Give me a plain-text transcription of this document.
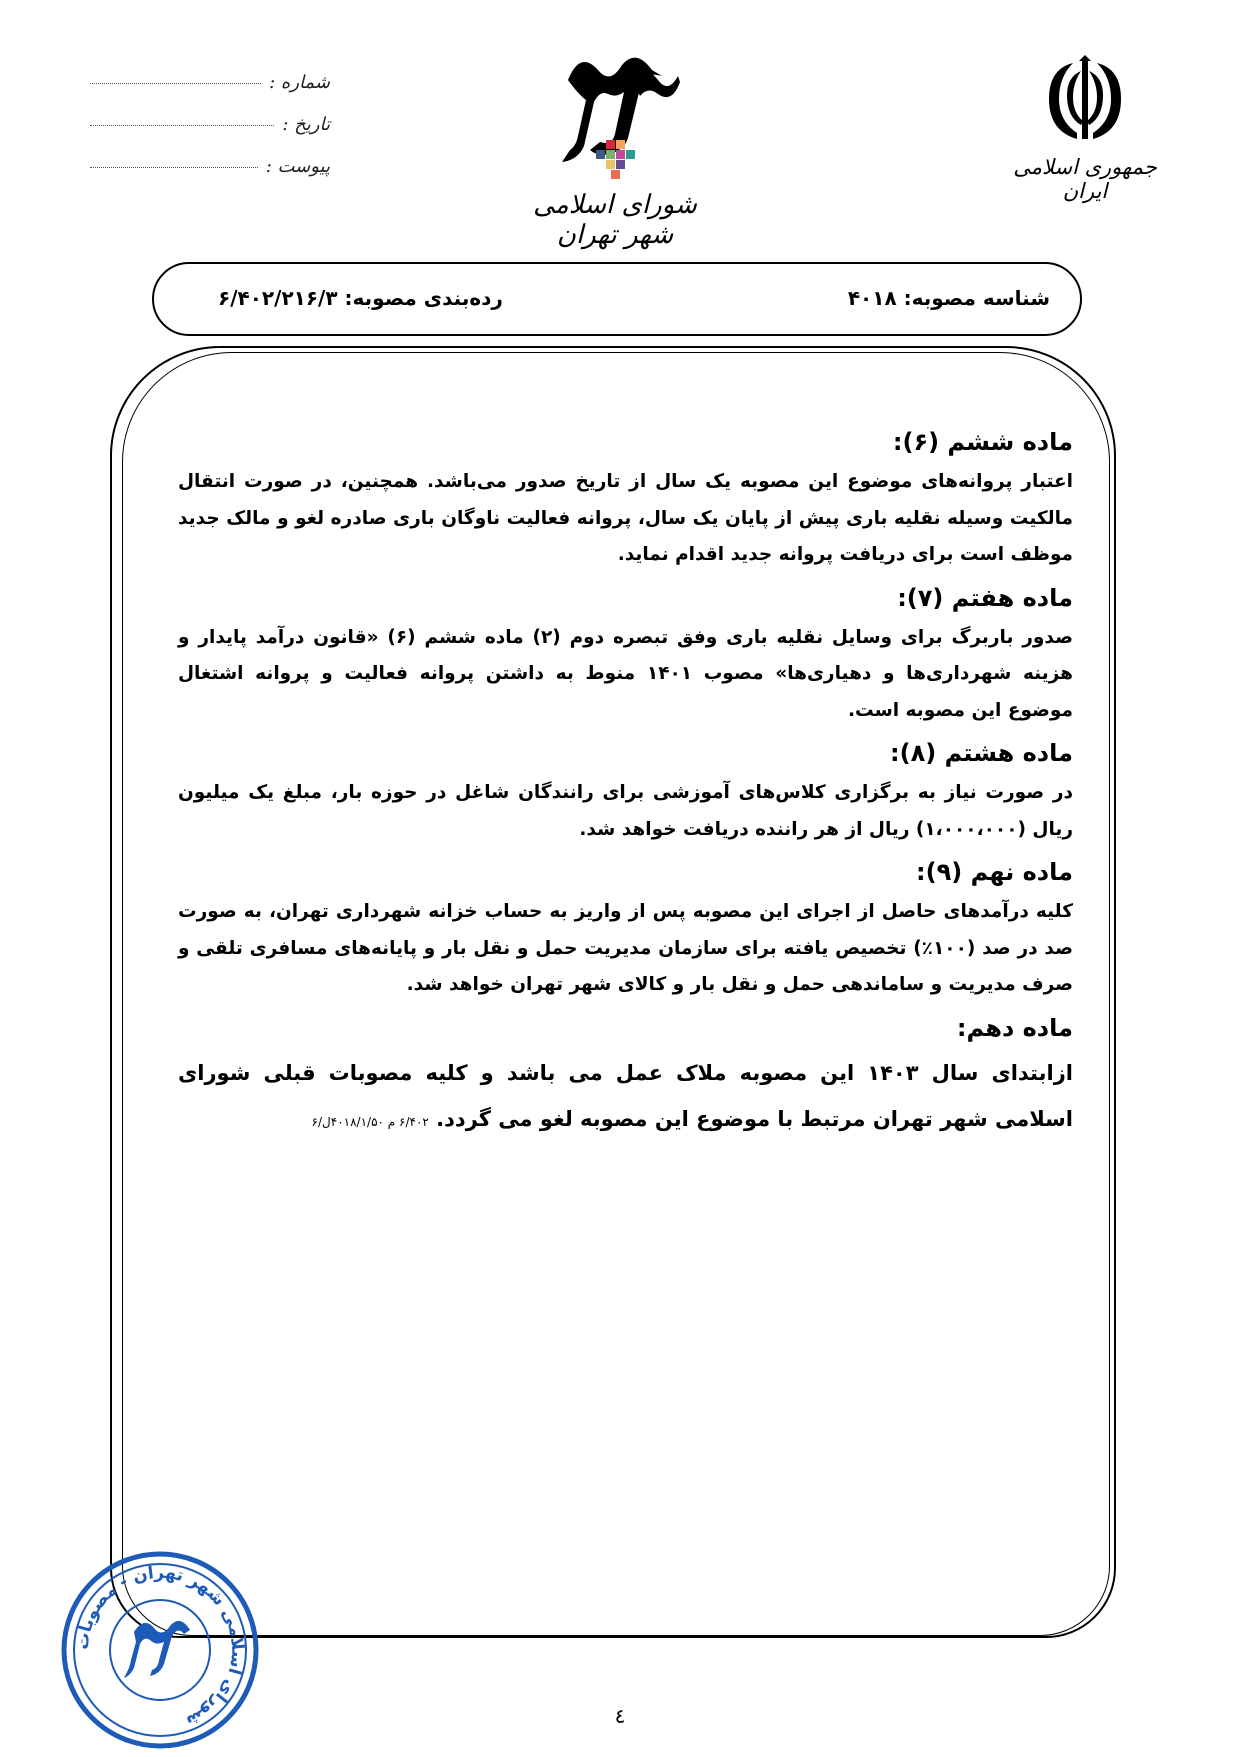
شماره :
تاریخ :
پیوست :
شورای اسلامی شهر تهران
جمهوری اسلامی ایران
شناسه مصوبه: ۴۰۱۸
رده‌بندی مصوبه: ۶/۴۰۲/۲۱۶/۳
ماده ششم (۶):

اعتبار پروانه‌های موضوع این مصوبه یک سال از تاریخ صدور می‌باشد. همچنین، در صورت انتقال مالکیت وسیله نقلیه باری پیش از پایان یک سال، پروانه فعالیت ناوگان باری صادره لغو و مالک جدید موظف است برای دریافت پروانه جدید اقدام نماید.

ماده هفتم (۷):

صدور باربرگ برای وسایل نقلیه باری وفق تبصره دوم (۲) ماده ششم (۶) «قانون درآمد پایدار و هزینه شهرداری‌ها و دهیاری‌ها» مصوب ۱۴۰۱ منوط به داشتن پروانه فعالیت و پروانه اشتغال موضوع این مصوبه است.

ماده هشتم (۸):

در صورت نیاز به برگزاری کلاس‌های آموزشی برای رانندگان شاغل در حوزه بار، مبلغ یک میلیون ریال (۱،۰۰۰،۰۰۰) ریال از هر راننده دریافت خواهد شد.

ماده نهم (۹):

کلیه درآمدهای حاصل از اجرای این مصوبه پس از واریز به حساب خزانه شهرداری تهران، به صورت صد در صد (۱۰۰٪) تخصیص یافته برای سازمان مدیریت حمل و نقل بار و پایانه‌های مسافری تلقی و صرف مدیریت و ساماندهی حمل و نقل بار و کالای شهر تهران خواهد شد.

ماده دهم:

ازابتدای سال ۱۴۰۳ این مصوبه ملاک عمل می باشد و کلیه مصوبات قبلی شورای اسلامی شهر تهران مرتبط با موضوع این مصوبه لغو می گردد. ۶/۴۰۲ م ۴۰۱۸/۱/۵۰ل/۶

شورای اسلامی شهر تهران - مصوبات	٤
